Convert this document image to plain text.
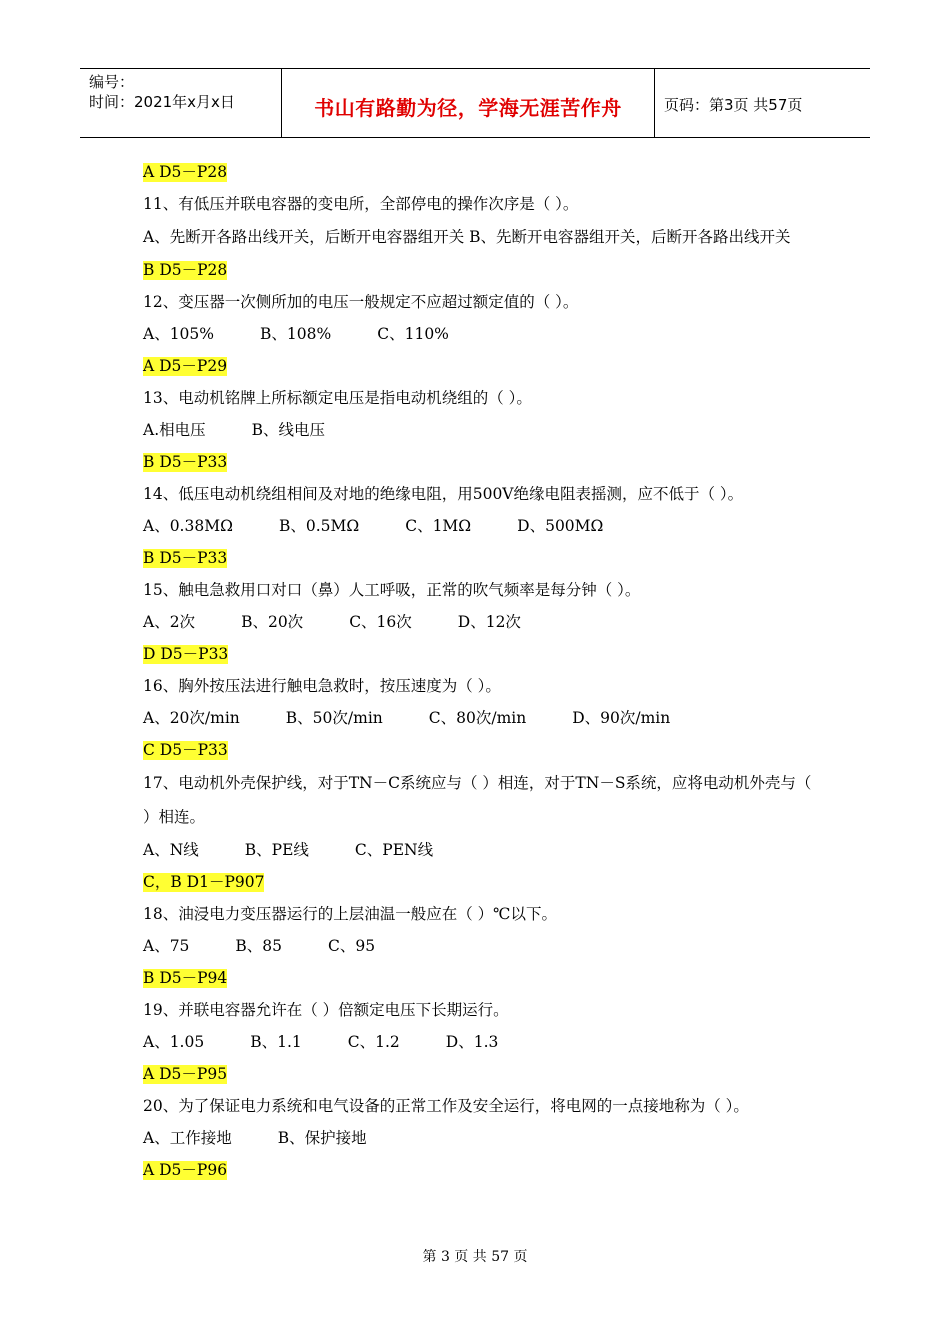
编号：
时间：2021年x月x日	书山有路勤为径，学海无涯苦作舟	页码：第3页 共57页
A D5－P28
11、有低压并联电容器的变电所，全部停电的操作次序是（ ）。
A、先断开各路出线开关，后断开电容器组开关 B、先断开电容器组开关，后断开各路出线开关
B D5－P28
12、变压器一次侧所加的电压一般规定不应超过额定值的（ ）。
A、105%	B、108%	C、110%
A D5－P29
13、电动机铭牌上所标额定电压是指电动机绕组的（ ）。
A.相电压	B、线电压
B D5－P33
14、低压电动机绕组相间及对地的绝缘电阻，用500V绝缘电阻表摇测，应不低于（ ）。
A、0.38MΩ	B、0.5MΩ	C、1MΩ	D、500MΩ
B D5－P33
15、触电急救用口对口（鼻）人工呼吸，正常的吹气频率是每分钟（ ）。
A、2次	B、20次	C、16次	D、12次
D D5－P33
16、胸外按压法进行触电急救时，按压速度为（ ）。
A、20次/min	B、50次/min	C、80次/min	D、90次/min
C D5－P33
17、电动机外壳保护线，对于TN－C系统应与（ ）相连，对于TN－S系统，应将电动机外壳与（ ）相连。
A、N线	B、PE线	C、PEN线
C，B D1－P907
18、油浸电力变压器运行的上层油温一般应在（ ）℃以下。
A、75	B、85	C、95
B D5－P94
19、并联电容器允许在（ ）倍额定电压下长期运行。
A、1.05	B、1.1	C、1.2	D、1.3
A D5－P95
20、为了保证电力系统和电气设备的正常工作及安全运行，将电网的一点接地称为（ ）。
A、工作接地	B、保护接地
A D5－P96
第 3 页 共 57 页
